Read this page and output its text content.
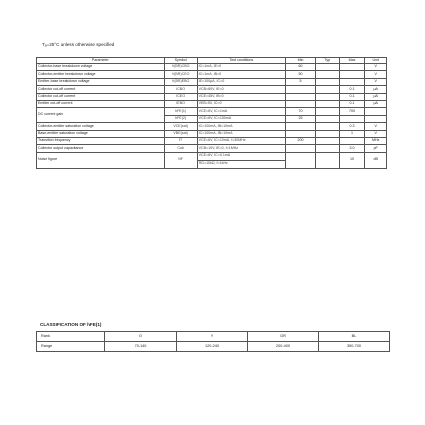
Tₐ=25°C unless otherwise specified
Parameter	Symbol	Test conditions	Min	Typ	Max	Unit
Collector-base breakdown voltage	V(BR)CBO	IC=1mA, IE=0	60			V
Collector-emitter breakdown voltage	V(BR)CEO	IC=1mA, IB=0	50			V
Emitter-base breakdown voltage	V(BR)EBO	IE=100μA, IC=0	5			V
Collector cut-off current	ICBO	VCB=60V, IE=0			0.1	μA
Collector cut-off current	ICEO	VCE=45V, IB=0			0.1	μA
Emitter cut-off current	IEBO	VEB=5V, IC=0			0.1	μA
DC current gain	hFE(1)	VCE=6V, IC=1mA	70		700	
	hFE(2)	VCE=6V, IC=150mA	25			
Collector-emitter saturation voltage	VCE(sat)	IC=100mA, IB=10mA			0.3	V
Base-emitter saturation voltage	VBE(sat)	IC=100mA, IB=10mA			1	V
Transition frequency	fT	VCE=6V, IC=10mA, f=30MHz	200			MHz
Collector output capacitance	Cob	VCB=10V, IE=0, f=1MHz			3.0	pF
Noise figure	NF	VCE=6V, IC=0.1mA			10	dB
		RG=10kΩ, f=1kHz				
CLASSIFICATION OF hFE(1)
Rank	O	Y	GR	BL
Range	70-140	120-240	200-400	350-700
